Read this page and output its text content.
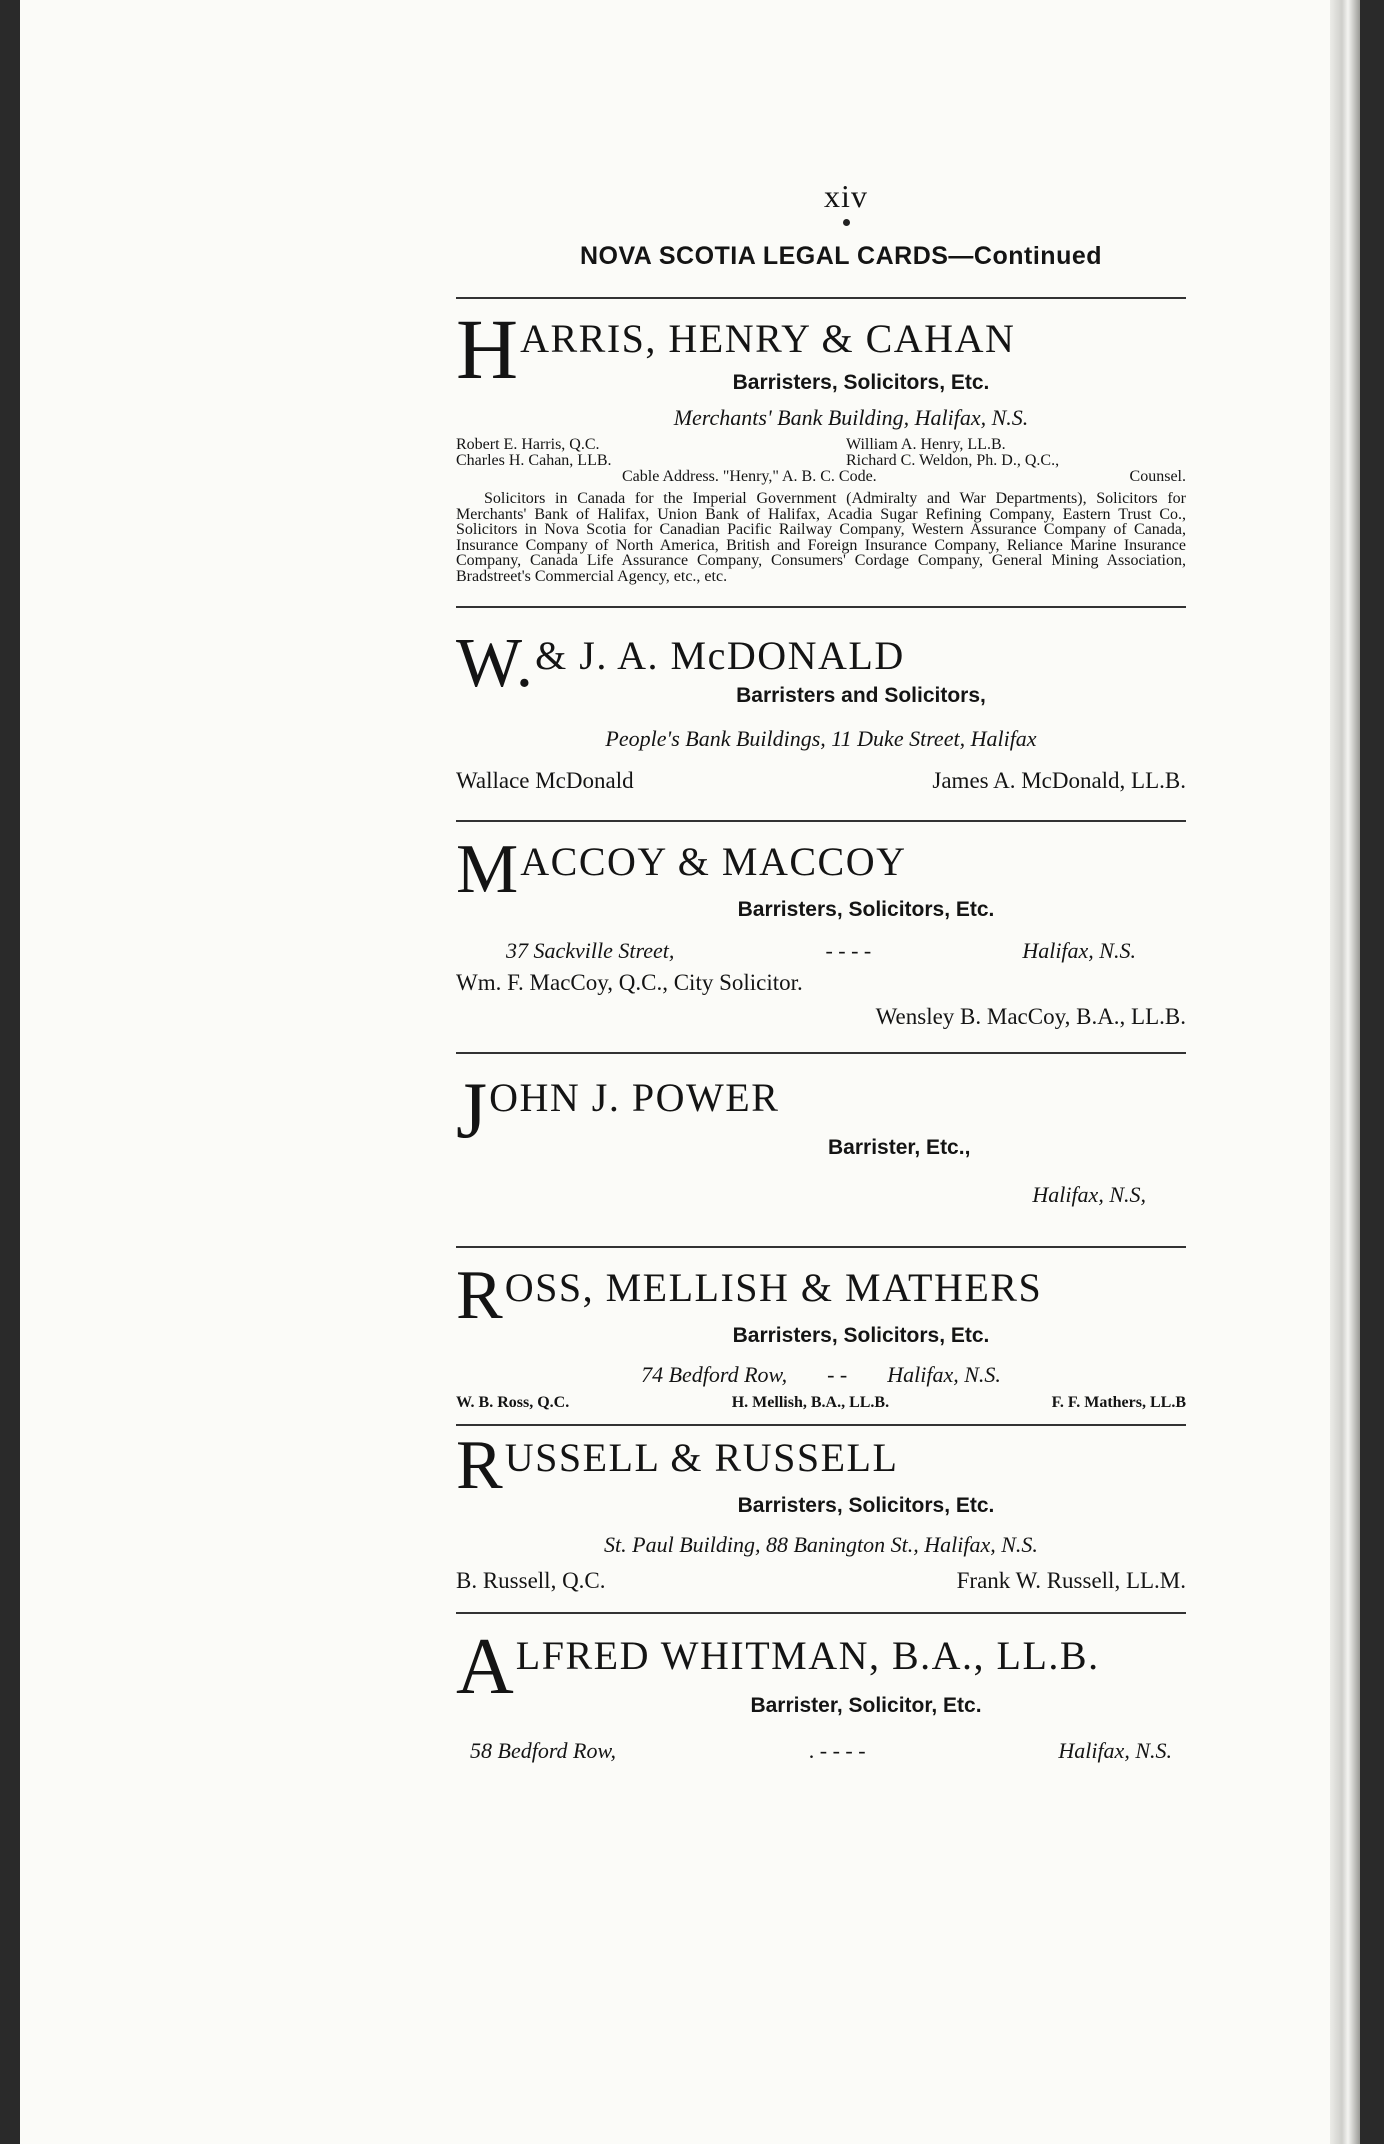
xiv
NOVA SCOTIA LEGAL CARDS—Continued
H ARRIS, HENRY & CAHAN
Barristers, Solicitors, Etc.
Merchants' Bank Building, Halifax, N.S.
Robert E. Harris, Q.C.	William A. Henry, LL.B.
Charles H. Cahan, LLB.	Richard C. Weldon, Ph. D., Q.C.,
Cable Address. "Henry," A. B. C. Code.	Counsel.
Solicitors in Canada for the Imperial Government (Admiralty and War Departments), Solicitors for Merchants' Bank of Halifax, Union Bank of Halifax, Acadia Sugar Refining Company, Eastern Trust Co., Solicitors in Nova Scotia for Canadian Pacific Railway Company, Western Assurance Company of Canada, Insurance Company of North America, British and Foreign Insurance Company, Reliance Marine Insurance Company, Canada Life Assurance Company, Consumers' Cordage Company, General Mining Association, Bradstreet's Commercial Agency, etc., etc.
W. & J. A. McDONALD
Barristers and Solicitors,
People's Bank Buildings, 11 Duke Street, Halifax
Wallace McDonald	James A. McDonald, LL.B.
M ACCOY & MACCOY
Barristers, Solicitors, Etc.
37 Sackville Street,	- - - -	Halifax, N.S.
Wm. F. MacCoy, Q.C., City Solicitor.
Wensley B. MacCoy, B.A., LL.B.
J OHN J. POWER
Barrister, Etc.,
Halifax, N.S,
R OSS, MELLISH & MATHERS
Barristers, Solicitors, Etc.
74 Bedford Row, - - Halifax, N.S.
W. B. Ross, Q.C.	H. Mellish, B.A., LL.B.	F. F. Mathers, LL.B
R USSELL & RUSSELL
Barristers, Solicitors, Etc.
St. Paul Building, 88 Banington St., Halifax, N.S.
B. Russell, Q.C.	Frank W. Russell, LL.M.
A LFRED WHITMAN, B.A., LL.B.
Barrister, Solicitor, Etc.
58 Bedford Row,	. - - - -	Halifax, N.S.
